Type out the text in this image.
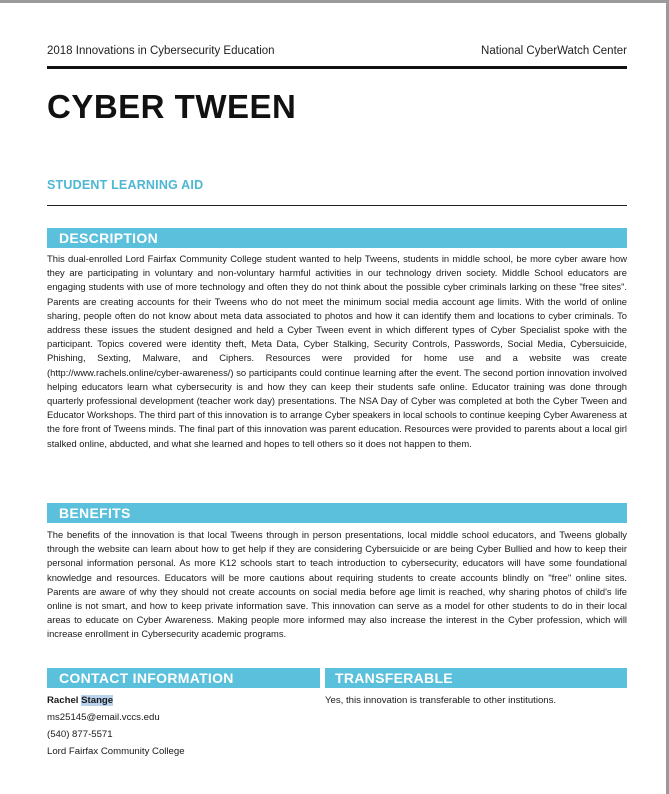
2018 Innovations in Cybersecurity Education	National CyberWatch Center
CYBER TWEEN
STUDENT LEARNING AID
DESCRIPTION

This dual-enrolled Lord Fairfax Community College student wanted to help Tweens, students in middle school, be more cyber aware how they are participating in voluntary and non-voluntary harmful activities in our technology driven society. Middle School educators are engaging students with use of more technology and often they do not think about the possible cyber criminals larking on these "free sites". Parents are creating accounts for their Tweens who do not meet the minimum social media account age limits. With the world of online sharing, people often do not know about meta data associated to photos and how it can identify them and locations to cyber criminals. To address these issues the student designed and held a Cyber Tween event in which different types of Cyber Specialist spoke with the participant. Topics covered were identity theft, Meta Data, Cyber Stalking, Security Controls, Passwords, Social Media, Cybersuicide, Phishing, Sexting, Malware, and Ciphers. Resources were provided for home use and a website was create (http://www.rachels.online/cyber-awareness/) so participants could continue learning after the event. The second portion innovation involved helping educators learn what cybersecurity is and how they can keep their students safe online. Educator training was done through quarterly professional development (teacher work day) presentations. The NSA Day of Cyber was completed at both the Cyber Tween and Educator Workshops. The third part of this innovation is to arrange Cyber speakers in local schools to continue keeping Cyber Awareness at the fore front of Tweens minds. The final part of this innovation was parent education. Resources were provided to parents about a local girl stalked online, abducted, and what she learned and hopes to tell others so it does not happen to them.

BENEFITS

The benefits of the innovation is that local Tweens through in person presentations, local middle school educators, and Tweens globally through the website can learn about how to get help if they are considering Cybersuicide or are being Cyber Bullied and how to keep their personal information personal. As more K12 schools start to teach introduction to cybersecurity, educators will have some foundational knowledge and resources. Educators will be more cautions about requiring students to create accounts blindly on "free" online sites. Parents are aware of why they should not create accounts on social media before age limit is reached, why sharing photos of child's life online is not smart, and how to keep private information save. This innovation can serve as a model for other students to do in their local areas to educate on Cyber Awareness. Making people more informed may also increase the interest in the Cyber profession, which will increase enrollment in Cybersecurity academic programs.

CONTACT INFORMATION	TRANSFERABLE
Rachel Stange
ms25145@email.vccs.edu
(540) 877-5571
Lord Fairfax Community College
Yes, this innovation is transferable to other institutions.
